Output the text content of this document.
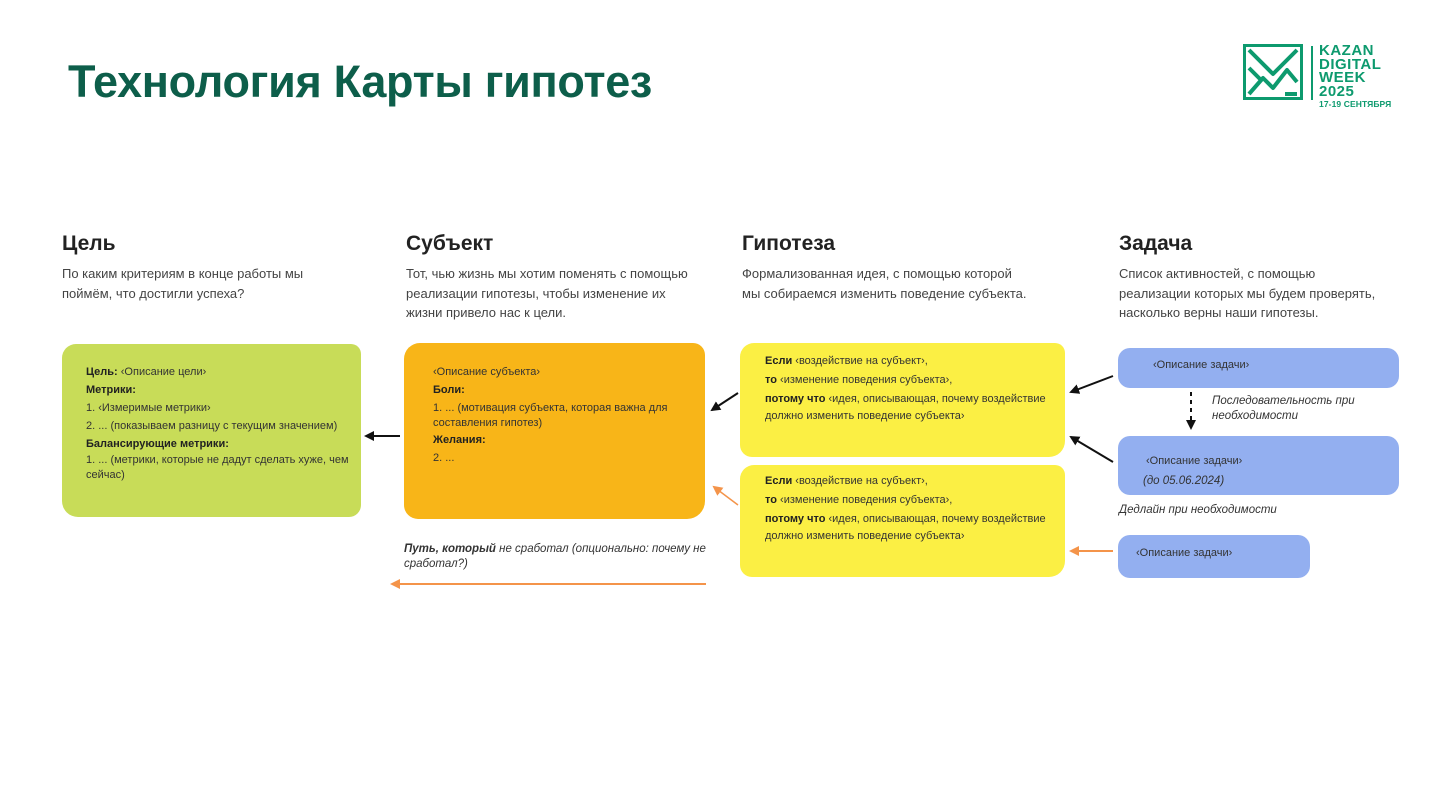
Технология Карты гипотез
KAZAN
DIGITAL
WEEK 2025
17-19 СЕНТЯБРЯ
Цель

По каким критериям в конце работы мы

поймём, что достигли успеха?

Субъект

Тот, чью жизнь мы хотим поменять с помощью

реализации гипотезы, чтобы изменение их

жизни привело нас к цели.

Гипотеза

Формализованная идея, с помощью которой

мы собираемся изменить поведение субъекта.

Задача

Список активностей, с помощью

реализации которых мы будем проверять,

насколько верны наши гипотезы.

Цель: ‹Описание цели›
Метрики:
1. ‹Измеримые метрики›
2. ... (показываем разницу с текущим значением)
Балансирующие метрики:
1. ... (метрики, которые не дадут сделать хуже, чем
сейчас)
‹Описание субъекта›
Боли:
1. ... (мотивация субъекта, которая важна для
составления гипотез)
Желания:
2. ...
Если ‹воздействие на субъект›,
то ‹изменение поведения субъекта›,
потому что ‹идея, описывающая, почему воздействие
должно изменить поведение субъекта›
Если ‹воздействие на субъект›,
то ‹изменение поведения субъекта›,
потому что ‹идея, описывающая, почему воздействие
должно изменить поведение субъекта›
‹Описание задачи›
‹Описание задачи›
(до 05.06.2024)
‹Описание задачи›
Последовательность при
необходимости
Дедлайн при необходимости
Путь, который не сработал (опционально: почему не
сработал?)
